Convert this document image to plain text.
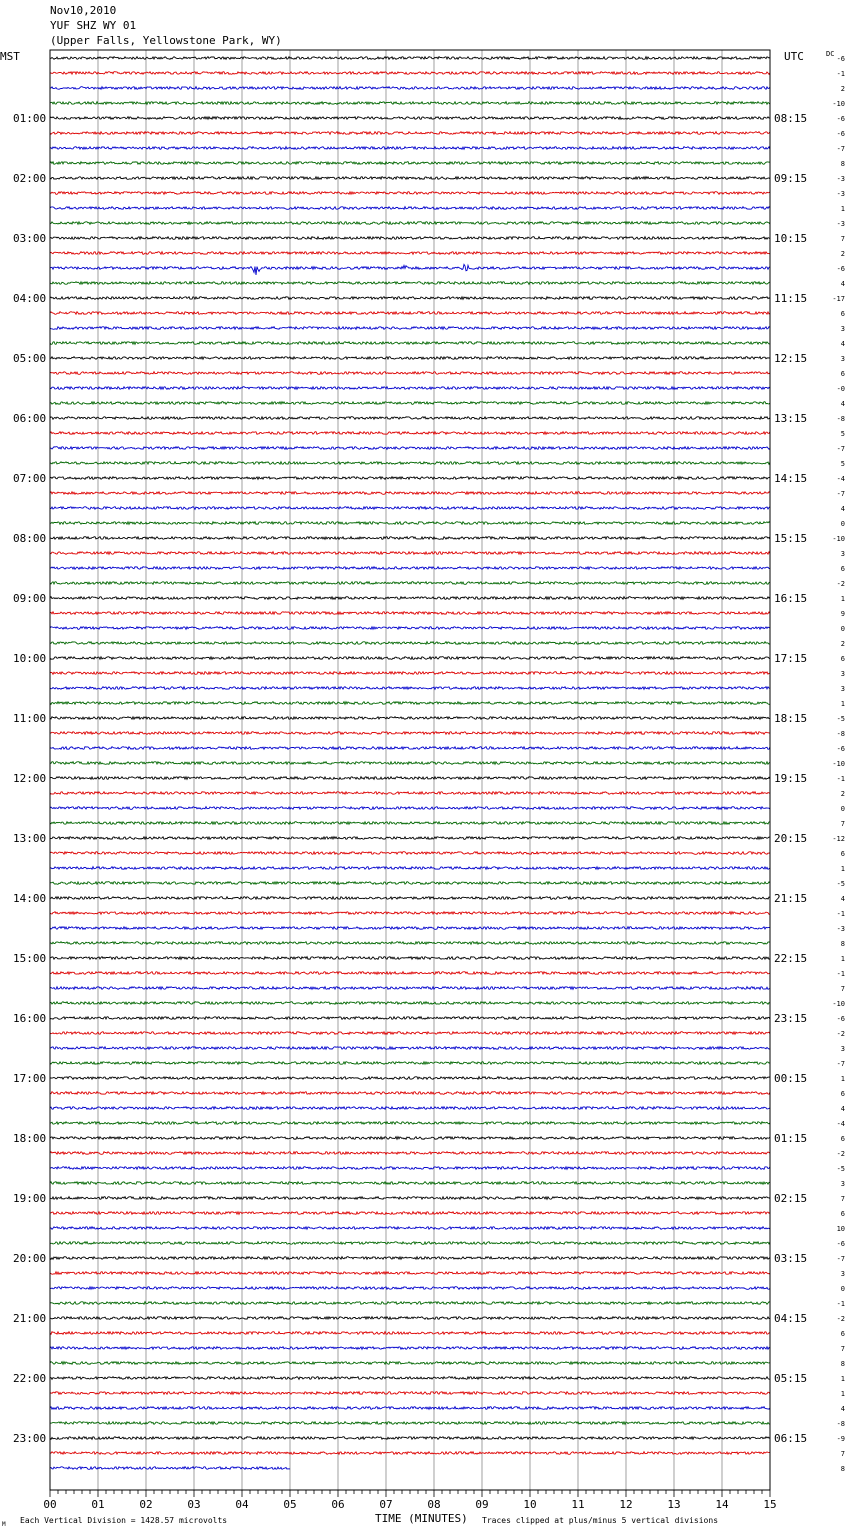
Nov10,2010
YUF SHZ WY 01
(Upper Falls, Yellowstone Park, WY)
MST	UTC	DC
TIME (MINUTES)
Each Vertical Division = 1428.57 microvolts	Traces clipped at plus/minus 5 vertical divisions
M
01:00
02:00
03:00
04:00
05:00
06:00
07:00
08:00
09:00
10:00
11:00
12:00
13:00
14:00
15:00
16:00
17:00
18:00
19:00
20:00
21:00
22:00
23:00
08:15
09:15
10:15
11:15
12:15
13:15
14:15
15:15
16:15
17:15
18:15
19:15
20:15
21:15
22:15
23:15
00:15
01:15
02:15
03:15
04:15
05:15
06:15
-6
-1
2
-10
-6
-6
-7
8
-3
-3
1
-3
7
2
-6
4
-17
6
3
4
3
6
-0
4
-8
5
-7
5
-4
-7
4
0
-10
3
6
-2
1
9
0
2
6
3
3
1
-5
-8
-6
-10
-1
2
0
7
-12
6
1
-5
4
-1
-3
8
1
-1
7
-10
-6
-2
3
-7
1
6
4
-4
6
-2
-5
3
7
6
10
-6
-7
3
0
-1
-2
6
7
8
1
1
4
-8
-9
7
8
00	01	02	03	04	05	06	07	08	09	10	11	12	13	14	15
